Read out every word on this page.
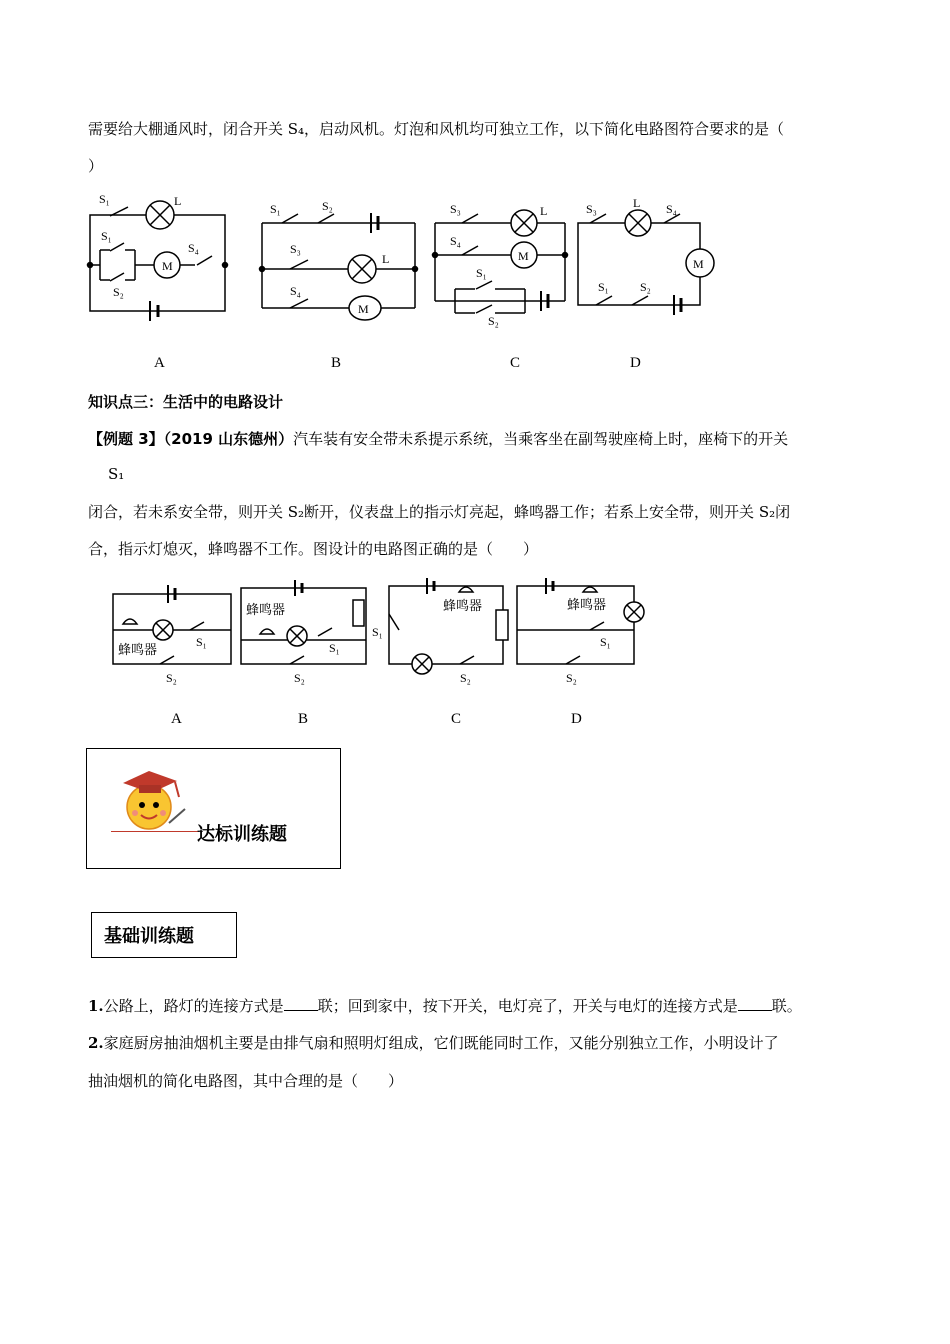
需要给大棚通风时，闭合开关 S₄，启动风机。灯泡和风机均可独立工作，以下简化电路图符合要求的是（
）
S₁	L
S₁
S₂
M
S₄
S₁	S₂
S₃
L
S₄
M
S₃	L
S₄
M
S₁
S₂
S₃	L S₄
M
S₁	S₂
A	B	C	D
知识点三：生活中的电路设计
【例题 3】（2019 山东德州）汽车装有安全带未系提示系统，当乘客坐在副驾驶座椅上时，座椅下的开关
S₁
闭合，若未系安全带，则开关 S₂断开，仪表盘上的指示灯亮起，蜂鸣器工作；若系上安全带，则开关 S₂闭
合，指示灯熄灭，蜂鸣器不工作。图设计的电路图正确的是（　　）
蜂鸣器
S₁
S₂
蜂鸣器
S₁
S₂
蜂鸣器
S₁
S₂
蜂鸣器
S₁
S₂
A	B	C	D
达标训练题
基础训练题
1.公路上，路灯的连接方式是 联；回到家中，按下开关，电灯亮了，开关与电灯的连接方式是 联。
2.家庭厨房抽油烟机主要是由排气扇和照明灯组成，它们既能同时工作，又能分别独立工作，小明设计了
抽油烟机的简化电路图，其中合理的是（　　）
